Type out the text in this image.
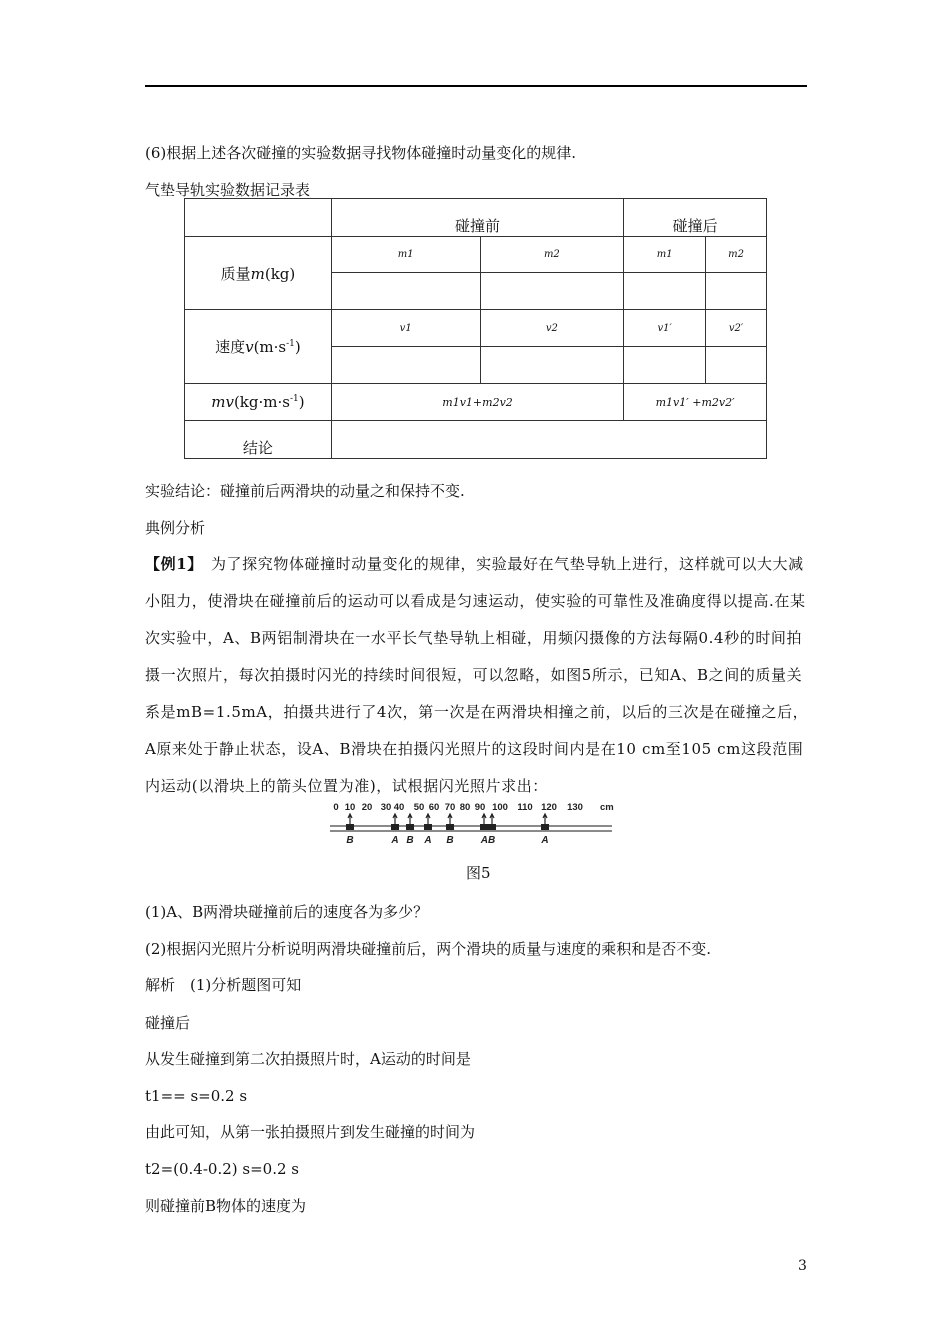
(6)根据上述各次碰撞的实验数据寻找物体碰撞时动量变化的规律.
气垫导轨实验数据记录表
	碰撞前		碰撞后	
质量m(kg)	m1	m2	m1	m2

速度$v(m\cdot s^{-1})$	v1	v2	v1′	v2′

$mv(kg\cdot m\cdot s^{-1})$	m1v1+m2v2		m1v1′ +m2v2′	
结论				
实验结论：碰撞前后两滑块的动量之和保持不变.
典例分析
【例1】　 为了探究物体碰撞时动量变化的规律，实验最好在气垫导轨上进行，这样就可以大大减小阻力，使滑块在碰撞前后的运动可以看成是匀速运动，使实验的可靠性及准确度得以提高.在某次实验中，A、B两铝制滑块在一水平长气垫导轨上相碰，用频闪摄像的方法每隔0.4秒的时间拍摄一次照片，每次拍摄时闪光的持续时间很短，可以忽略，如图5所示，已知A、B之间的质量关系是mB=1.5mA，拍摄共进行了4次，第一次是在两滑块相撞之前，以后的三次是在碰撞之后，A原来处于静止状态，设A、B滑块在拍摄闪光照片的这段时间内是在10 cm至105 cm这段范围内运动(以滑块上的箭头位置为准)，试根据闪光照片求出：
0 10 20 30 40 50 60 70 80 90 100 110 120 130 cm
B	A B A B	AB	A
图5
(1)A、B两滑块碰撞前后的速度各为多少？
(2)根据闪光照片分析说明两滑块碰撞前后，两个滑块的质量与速度的乘积和是否不变.
解析　(1)分析题图可知
碰撞后
从发生碰撞到第二次拍摄照片时，A运动的时间是
t1== s=0.2 s
由此可知，从第一张拍摄照片到发生碰撞的时间为
t2=(0.4-0.2) s=0.2 s
则碰撞前B物体的速度为
3
